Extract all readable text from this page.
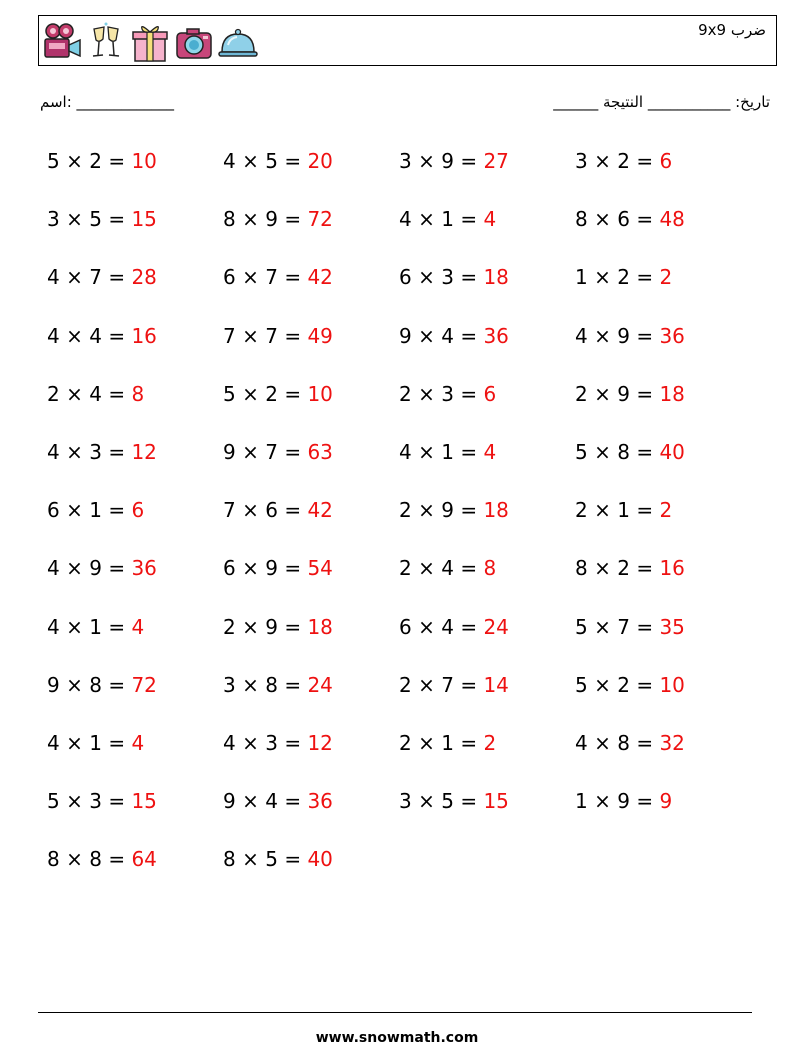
ضرب 9x9
اسم: _____________	تاريخ: ___________ النتيجة ______
5 × 2 = 10	4 × 5 = 20	3 × 9 = 27	3 × 2 = 6
3 × 5 = 15	8 × 9 = 72	4 × 1 = 4	8 × 6 = 48
4 × 7 = 28	6 × 7 = 42	6 × 3 = 18	1 × 2 = 2
4 × 4 = 16	7 × 7 = 49	9 × 4 = 36	4 × 9 = 36
2 × 4 = 8	5 × 2 = 10	2 × 3 = 6	2 × 9 = 18
4 × 3 = 12	9 × 7 = 63	4 × 1 = 4	5 × 8 = 40
6 × 1 = 6	7 × 6 = 42	2 × 9 = 18	2 × 1 = 2
4 × 9 = 36	6 × 9 = 54	2 × 4 = 8	8 × 2 = 16
4 × 1 = 4	2 × 9 = 18	6 × 4 = 24	5 × 7 = 35
9 × 8 = 72	3 × 8 = 24	2 × 7 = 14	5 × 2 = 10
4 × 1 = 4	4 × 3 = 12	2 × 1 = 2	4 × 8 = 32
5 × 3 = 15	9 × 4 = 36	3 × 5 = 15	1 × 9 = 9
8 × 8 = 64	8 × 5 = 40
www.snowmath.com
